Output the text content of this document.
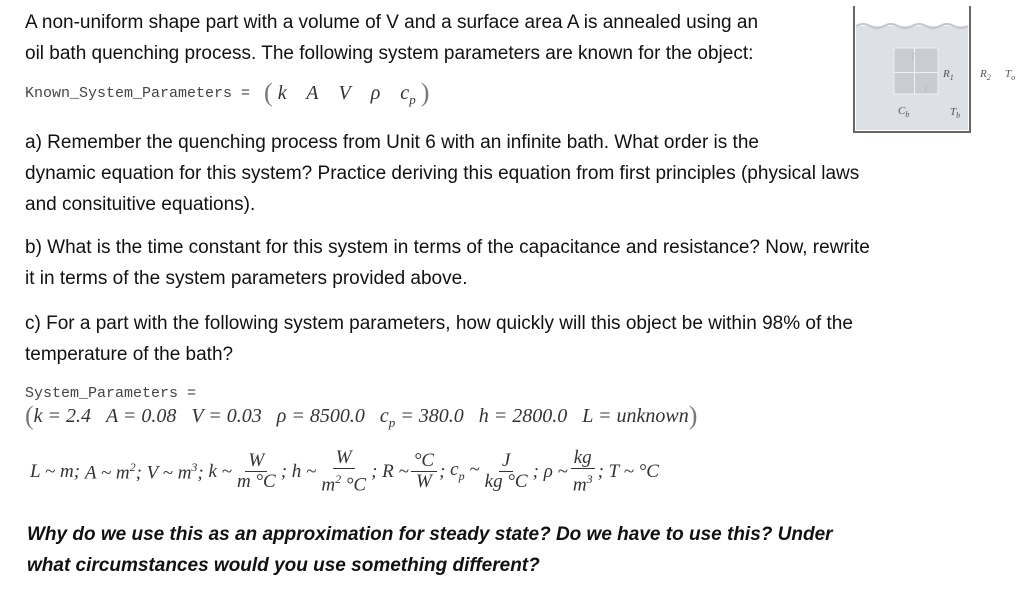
A non-uniform shape part with a volume of V and a surface area A is annealed using an
oil bath quenching process. The following system parameters are known for the object:
Known_System_Parameters = ( k A V ρ $c_p$ )
T
C
$C_b$	$T_b$
$R_1$ $R_2$ $T_o$
a) Remember the quenching process from Unit 6 with an infinite bath. What order is the
dynamic equation for this system? Practice deriving this equation from first principles (physical laws
and consituitive equations).
b) What is the time constant for this system in terms of the capacitance and resistance? Now, rewrite
it in terms of the system parameters provided above.
c) For a part with the following system parameters, how quickly will this object be within 98% of the
temperature of the bath?
System_Parameters =
(k = 2.4 A = 0.08 V = 0.03 ρ = 8500.0 $c_p = 380.0$ h = 2800.0 L = unknown)
L ~ m;
A ~ $m^2$;
V ~ $m^3$;
k ~ $\frac{W}{m ^\circ C}$ ; h ~ $\frac{W}{m^2 ^\circ C}$ ; R ~ $\frac{^\circ C}{W}$ ; $c_p$ ~ $\frac{J}{kg ^\circ C}$ ; ρ ~ $\frac{kg}{m^3}$ ; T ~ °C
Why do we use this as an approximation for steady state? Do we have to use this? Under
what circumstances would you use something different?
